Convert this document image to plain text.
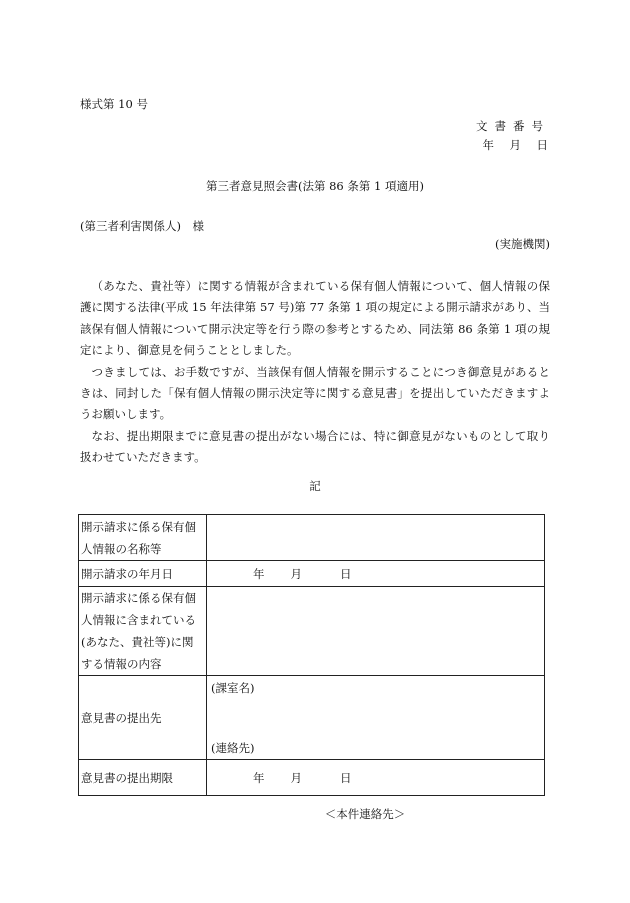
様式第 10 号
文書番号
年　月　日
第三者意見照会書(法第 86 条第 1 項適用)
(第三者利害関係人)　様
(実施機関)

（あなた、貴社等）に関する情報が含まれている保有個人情報について、個人情報の保護に関する法律(平成 15 年法律第 57 号)第 77 条第 1 項の規定による開示請求があり、当該保有個人情報について開示決定等を行う際の参考とするため、同法第 86 条第 1 項の規定により、御意見を伺うこととしました。

つきましては、お手数ですが、当該保有個人情報を開示することにつき御意見があるときは、同封した「保有個人情報の開示決定等に関する意見書」を提出していただきますようお願いします。

なお、提出期限までに意見書の提出がない場合には、特に御意見がないものとして取り扱わせていただきます。

記
開示請求に係る保有個人情報の名称等	
開示請求の年月日	年 月 日
開示請求に係る保有個人情報に含まれている(あなた、貴社等)に関する情報の内容	
意見書の提出先	(課室名)
(連絡先)

意見書の提出期限	年 月 日
＜本件連絡先＞
